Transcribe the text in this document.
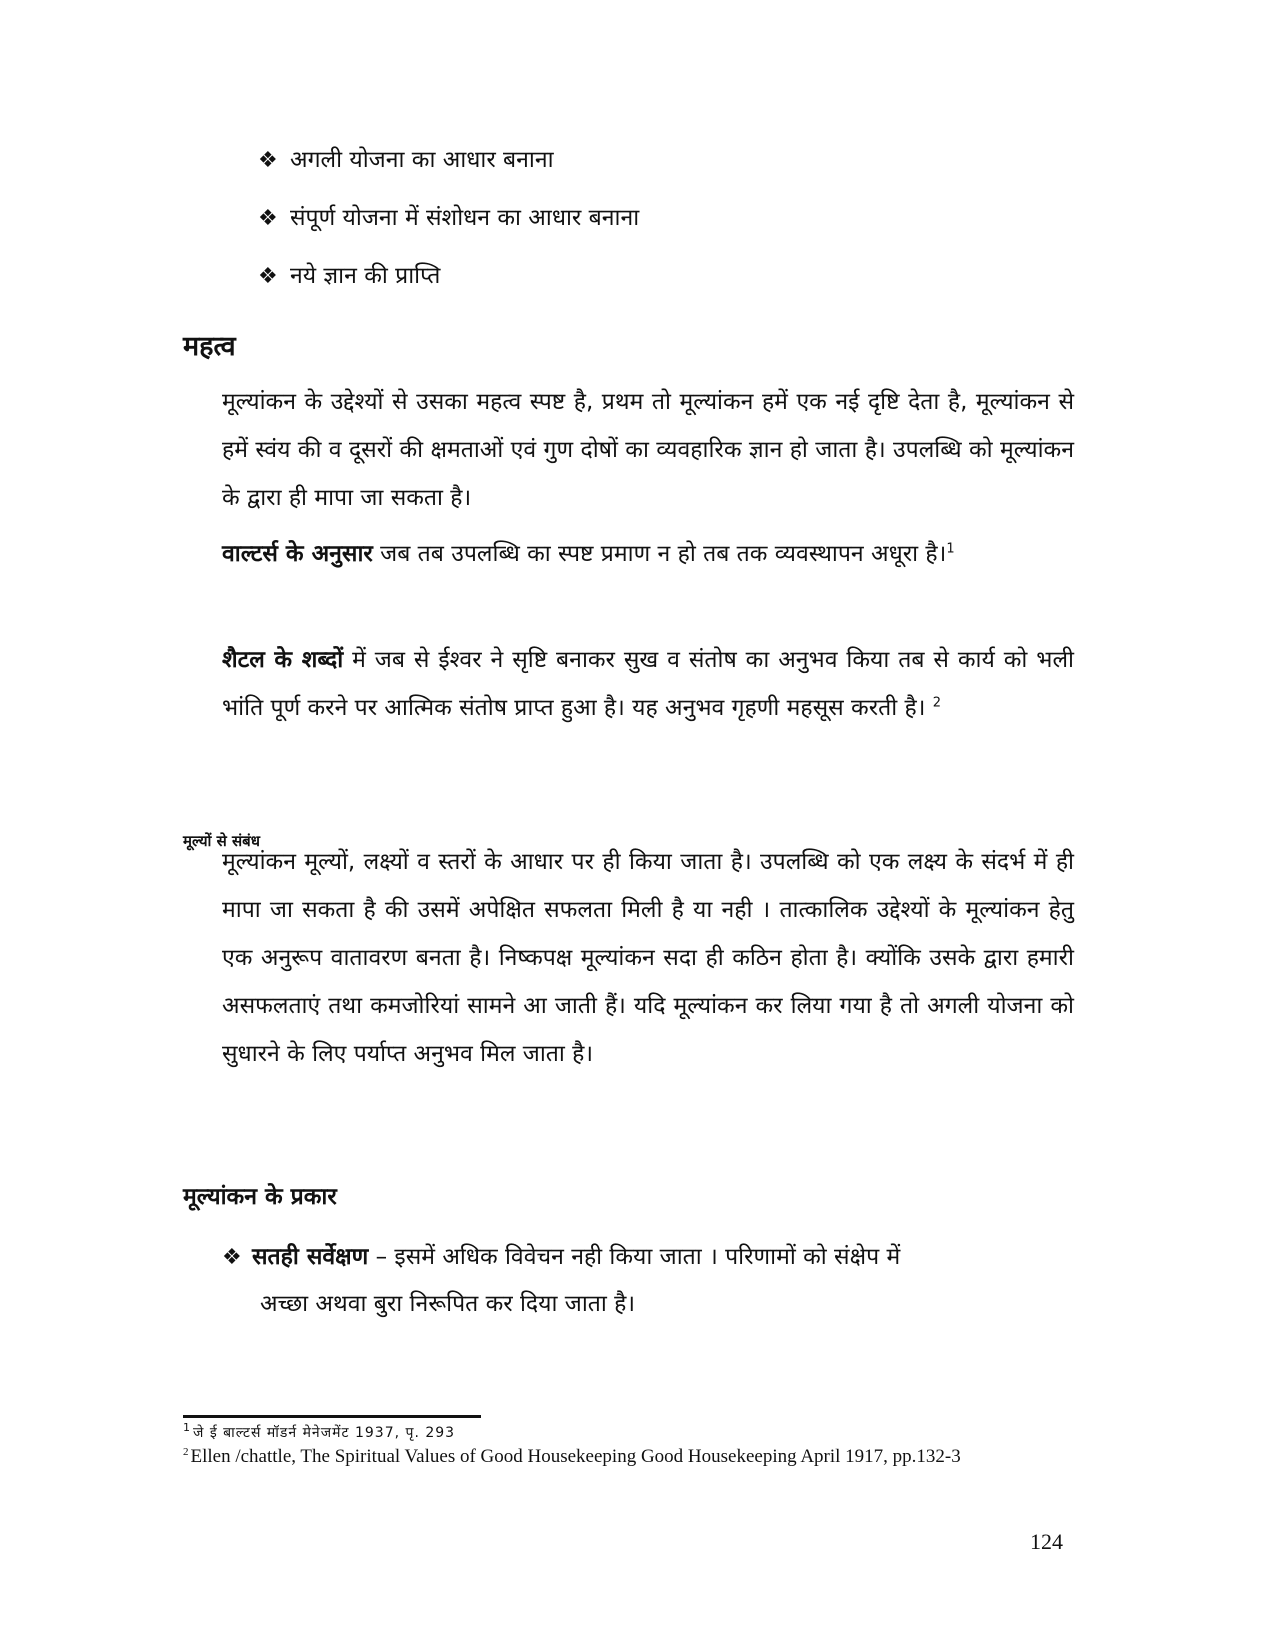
❖ अगली योजना का आधार बनाना
❖ संपूर्ण योजना में संशोधन का आधार बनाना
❖ नये ज्ञान की प्राप्ति
महत्व

मूल्यांकन के उद्देश्यों से उसका महत्व स्पष्ट है, प्रथम तो मूल्यांकन हमें एक नई दृष्टि देता है, मूल्यांकन से हमें स्वंय की व दूसरों की क्षमताओं एवं गुण दोषों का व्यवहारिक ज्ञान हो जाता है। उपलब्धि को मूल्यांकन के द्वारा ही मापा जा सकता है।

वाल्टर्स के अनुसार जब तब उपलब्धि का स्पष्ट प्रमाण न हो तब तक व्यवस्थापन अधूरा है।$^1$

शैटल के शब्दों में जब से ईश्वर ने सृष्टि बनाकर सुख व संतोष का अनुभव किया तब से कार्य को भली भांति पूर्ण करने पर आत्मिक संतोष प्राप्त हुआ है। यह अनुभव गृहणी महसूस करती है। $^2$

मूल्यों से संबंध

मूल्यांकन मूल्यों, लक्ष्यों व स्तरों के आधार पर ही किया जाता है। उपलब्धि को एक लक्ष्य के संदर्भ में ही मापा जा सकता है की उसमें अपेक्षित सफलता मिली है या नही । तात्कालिक उद्देश्यों के मूल्यांकन हेतु एक अनुरूप वातावरण बनता है। निष्कपक्ष मूल्यांकन सदा ही कठिन होता है। क्योंकि उसके द्वारा हमारी असफलताएं तथा कमजोरियां सामने आ जाती हैं। यदि मूल्यांकन कर लिया गया है तो अगली योजना को सुधारने के लिए पर्याप्त अनुभव मिल जाता है।

मूल्यांकन के प्रकार

❖ सतही सर्वेक्षण – इसमें अधिक विवेचन नही किया जाता । परिणामों को संक्षेप में
अच्छा अथवा बुरा निरूपित कर दिया जाता है।

$^1$ जे ई बाल्टर्स मॉडर्न मेनेजमेंट 1937, पृ. 293
$^2$ Ellen /chattle, The Spiritual Values of Good Housekeeping Good Housekeeping April 1917, pp.132-3
124
